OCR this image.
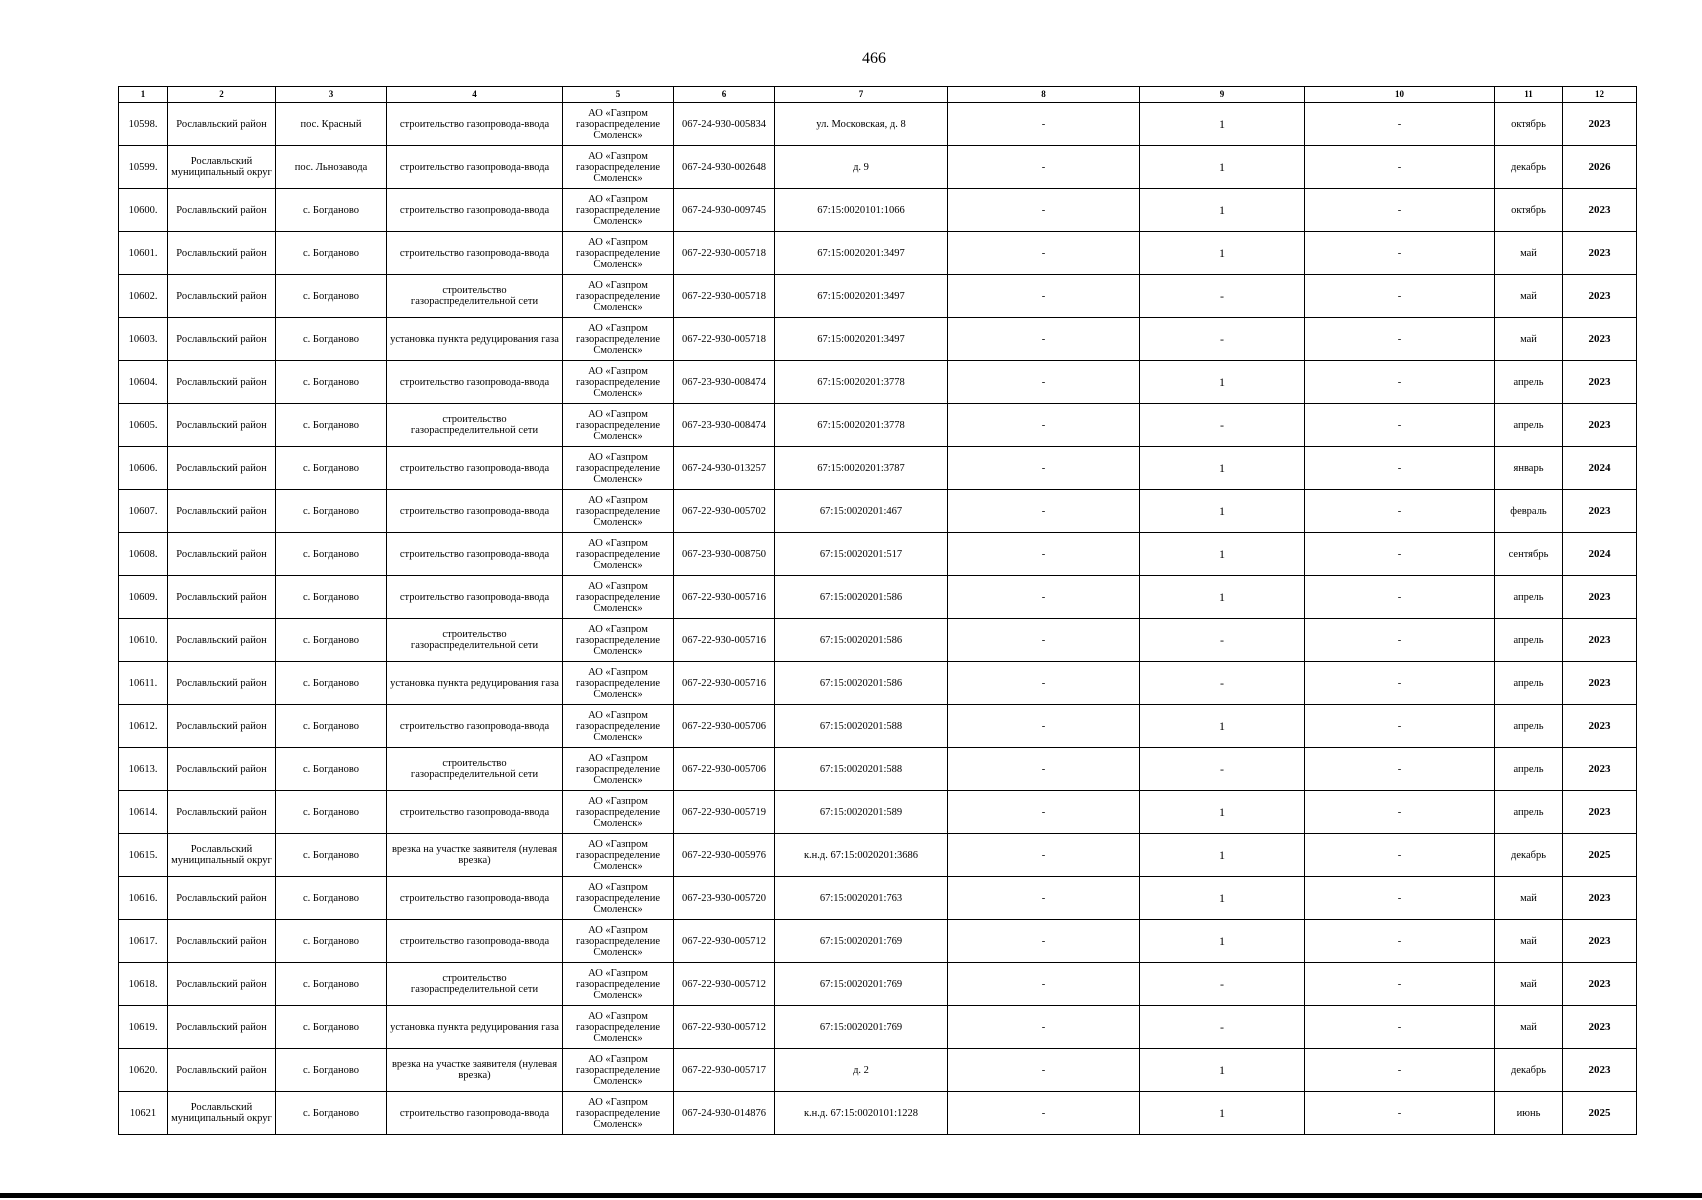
466
1	2	3	4	5	6	7	8	9	10	11	12
10598.	Рославльский район	пос. Красный	строительство газопровода-ввода	АО «Газпром газораспределение Смоленск»	067-24-930-005834	ул. Московская, д. 8	-	1	-	октябрь	2023
10599.	Рославльский муниципальный округ	пос. Льнозавода	строительство газопровода-ввода	АО «Газпром газораспределение Смоленск»	067-24-930-002648	д. 9	-	1	-	декабрь	2026
10600.	Рославльский район	с. Богданово	строительство газопровода-ввода	АО «Газпром газораспределение Смоленск»	067-24-930-009745	67:15:0020101:1066	-	1	-	октябрь	2023
10601.	Рославльский район	с. Богданово	строительство газопровода-ввода	АО «Газпром газораспределение Смоленск»	067-22-930-005718	67:15:0020201:3497	-	1	-	май	2023
10602.	Рославльский район	с. Богданово	строительство газораспределительной сети	АО «Газпром газораспределение Смоленск»	067-22-930-005718	67:15:0020201:3497	-	-	-	май	2023
10603.	Рославльский район	с. Богданово	установка пункта редуцирования газа	АО «Газпром газораспределение Смоленск»	067-22-930-005718	67:15:0020201:3497	-	-	-	май	2023
10604.	Рославльский район	с. Богданово	строительство газопровода-ввода	АО «Газпром газораспределение Смоленск»	067-23-930-008474	67:15:0020201:3778	-	1	-	апрель	2023
10605.	Рославльский район	с. Богданово	строительство газораспределительной сети	АО «Газпром газораспределение Смоленск»	067-23-930-008474	67:15:0020201:3778	-	-	-	апрель	2023
10606.	Рославльский район	с. Богданово	строительство газопровода-ввода	АО «Газпром газораспределение Смоленск»	067-24-930-013257	67:15:0020201:3787	-	1	-	январь	2024
10607.	Рославльский район	с. Богданово	строительство газопровода-ввода	АО «Газпром газораспределение Смоленск»	067-22-930-005702	67:15:0020201:467	-	1	-	февраль	2023
10608.	Рославльский район	с. Богданово	строительство газопровода-ввода	АО «Газпром газораспределение Смоленск»	067-23-930-008750	67:15:0020201:517	-	1	-	сентябрь	2024
10609.	Рославльский район	с. Богданово	строительство газопровода-ввода	АО «Газпром газораспределение Смоленск»	067-22-930-005716	67:15:0020201:586	-	1	-	апрель	2023
10610.	Рославльский район	с. Богданово	строительство газораспределительной сети	АО «Газпром газораспределение Смоленск»	067-22-930-005716	67:15:0020201:586	-	-	-	апрель	2023
10611.	Рославльский район	с. Богданово	установка пункта редуцирования газа	АО «Газпром газораспределение Смоленск»	067-22-930-005716	67:15:0020201:586	-	-	-	апрель	2023
10612.	Рославльский район	с. Богданово	строительство газопровода-ввода	АО «Газпром газораспределение Смоленск»	067-22-930-005706	67:15:0020201:588	-	1	-	апрель	2023
10613.	Рославльский район	с. Богданово	строительство газораспределительной сети	АО «Газпром газораспределение Смоленск»	067-22-930-005706	67:15:0020201:588	-	-	-	апрель	2023
10614.	Рославльский район	с. Богданово	строительство газопровода-ввода	АО «Газпром газораспределение Смоленск»	067-22-930-005719	67:15:0020201:589	-	1	-	апрель	2023
10615.	Рославльский муниципальный округ	с. Богданово	врезка на участке заявителя (нулевая врезка)	АО «Газпром газораспределение Смоленск»	067-22-930-005976	к.н.д. 67:15:0020201:3686	-	1	-	декабрь	2025
10616.	Рославльский район	с. Богданово	строительство газопровода-ввода	АО «Газпром газораспределение Смоленск»	067-23-930-005720	67:15:0020201:763	-	1	-	май	2023
10617.	Рославльский район	с. Богданово	строительство газопровода-ввода	АО «Газпром газораспределение Смоленск»	067-22-930-005712	67:15:0020201:769	-	1	-	май	2023
10618.	Рославльский район	с. Богданово	строительство газораспределительной сети	АО «Газпром газораспределение Смоленск»	067-22-930-005712	67:15:0020201:769	-	-	-	май	2023
10619.	Рославльский район	с. Богданово	установка пункта редуцирования газа	АО «Газпром газораспределение Смоленск»	067-22-930-005712	67:15:0020201:769	-	-	-	май	2023
10620.	Рославльский район	с. Богданово	врезка на участке заявителя (нулевая врезка)	АО «Газпром газораспределение Смоленск»	067-22-930-005717	д. 2	-	1	-	декабрь	2023
10621	Рославльский муниципальный округ	с. Богданово	строительство газопровода-ввода	АО «Газпром газораспределение Смоленск»	067-24-930-014876	к.н.д. 67:15:0020101:1228	-	1	-	июнь	2025
